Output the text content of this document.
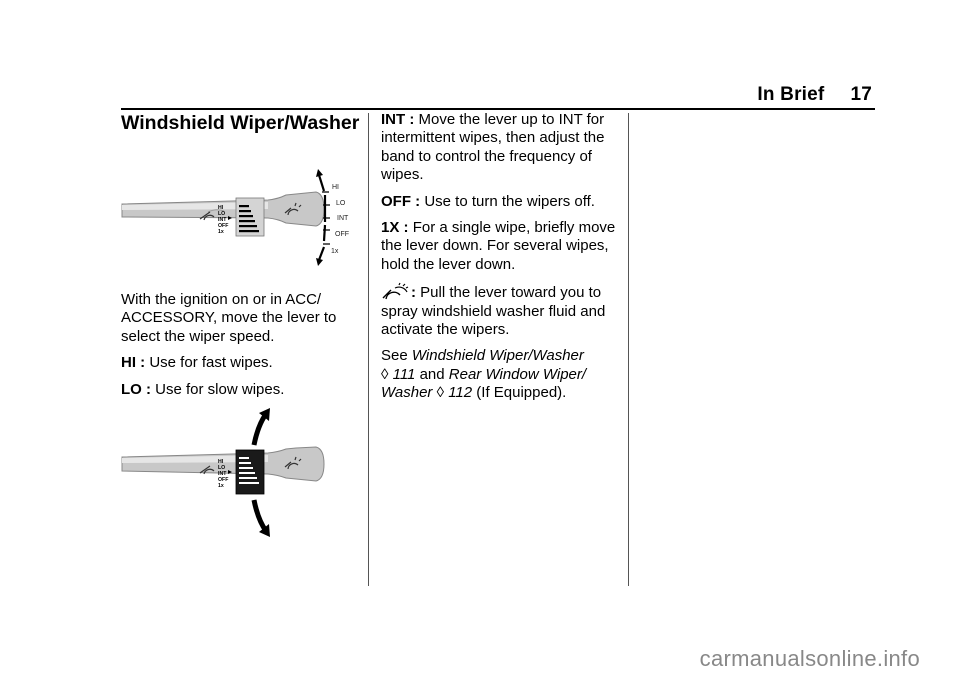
In Brief 17
Windshield Wiper/Washer
HI
LO
INT
OFF
1x
HI
LO
INT
OFF
1x

With the ignition on or in ACC/ ACCESSORY, move the lever to select the wiper speed.

HI : Use for fast wipes.

LO : Use for slow wipes.

HI
LO
INT
OFF
1x

INT : Move the lever up to INT for intermittent wipes, then adjust the band to control the frequency of wipes.

OFF : Use to turn the wipers off.

1X : For a single wipe, briefly move the lever down. For several wipes, hold the lever down.

: Pull the lever toward you to spray windshield washer fluid and activate the wipers.

See Windshield Wiper/Washer
◊ 111 and Rear Window Wiper/ Washer ◊ 112 (If Equipped).

carmanualsonline.info
